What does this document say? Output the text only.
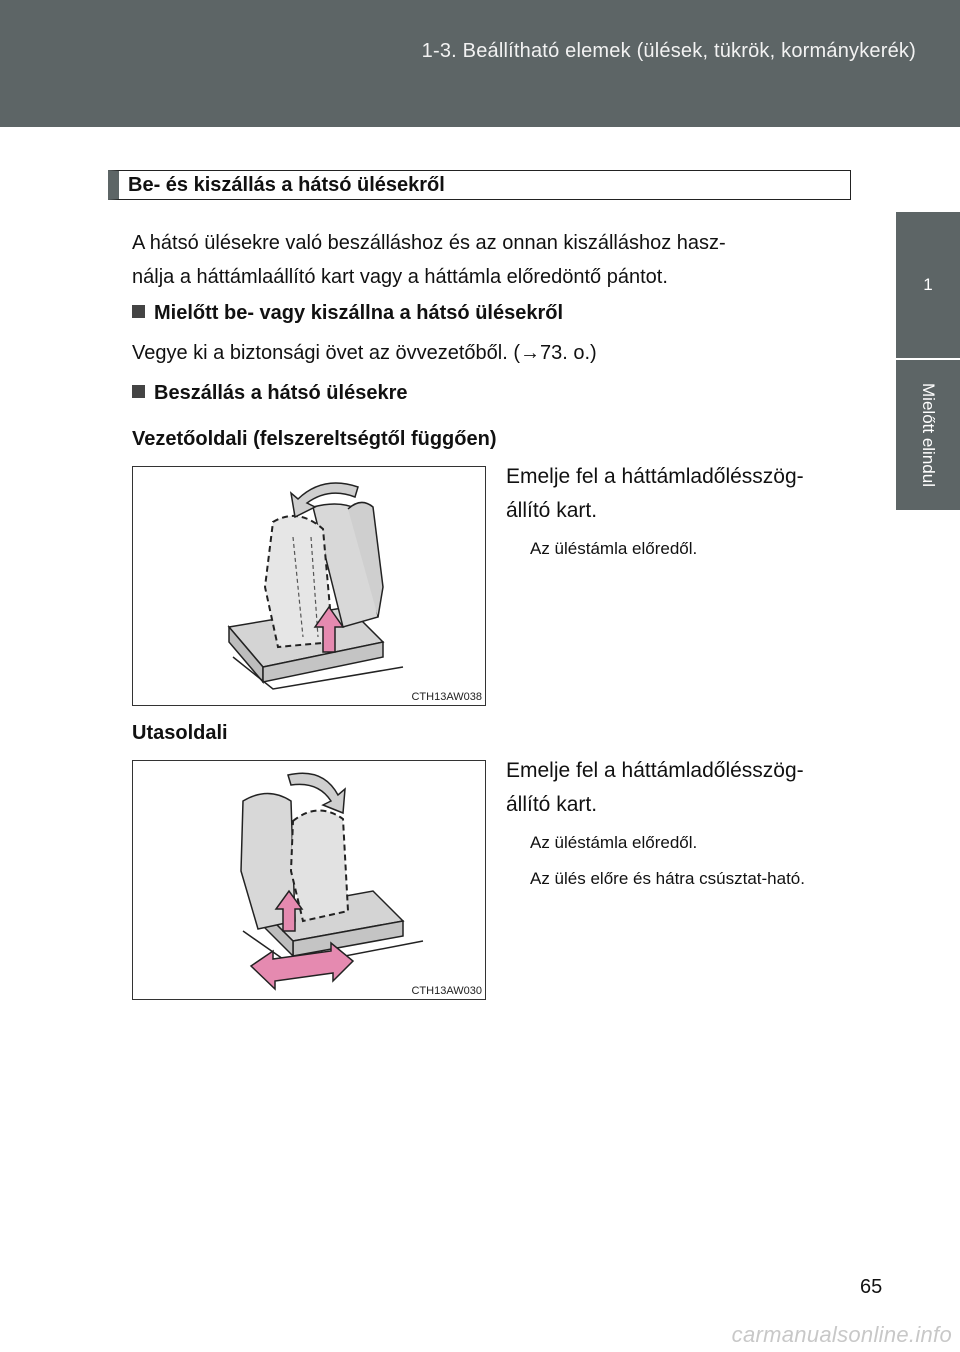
1-3. Beállítható elemek (ülések, tükrök, kormánykerék)
1
Mielőtt elindul
Be- és kiszállás a hátsó ülésekről
A hátsó ülésekre való beszálláshoz és az onnan kiszálláshoz hasz-
nálja a háttámlaállító kart vagy a háttámla előredöntő pántot.
Mielőtt be- vagy kiszállna a hátsó ülésekről
Vegye ki a biztonsági övet az övvezetőből. (→73. o.)
Beszállás a hátsó ülésekre
Vezetőoldali (felszereltségtől függően)
CTH13AW038
Emelje fel a háttámladőlésszög-
állító kart.
Az üléstámla előredől.
Utasoldali
CTH13AW030
Emelje fel a háttámladőlésszög-
állító kart.
Az üléstámla előredől.
Az ülés előre és hátra csúsztat-ható.
65
carmanualsonline.info
